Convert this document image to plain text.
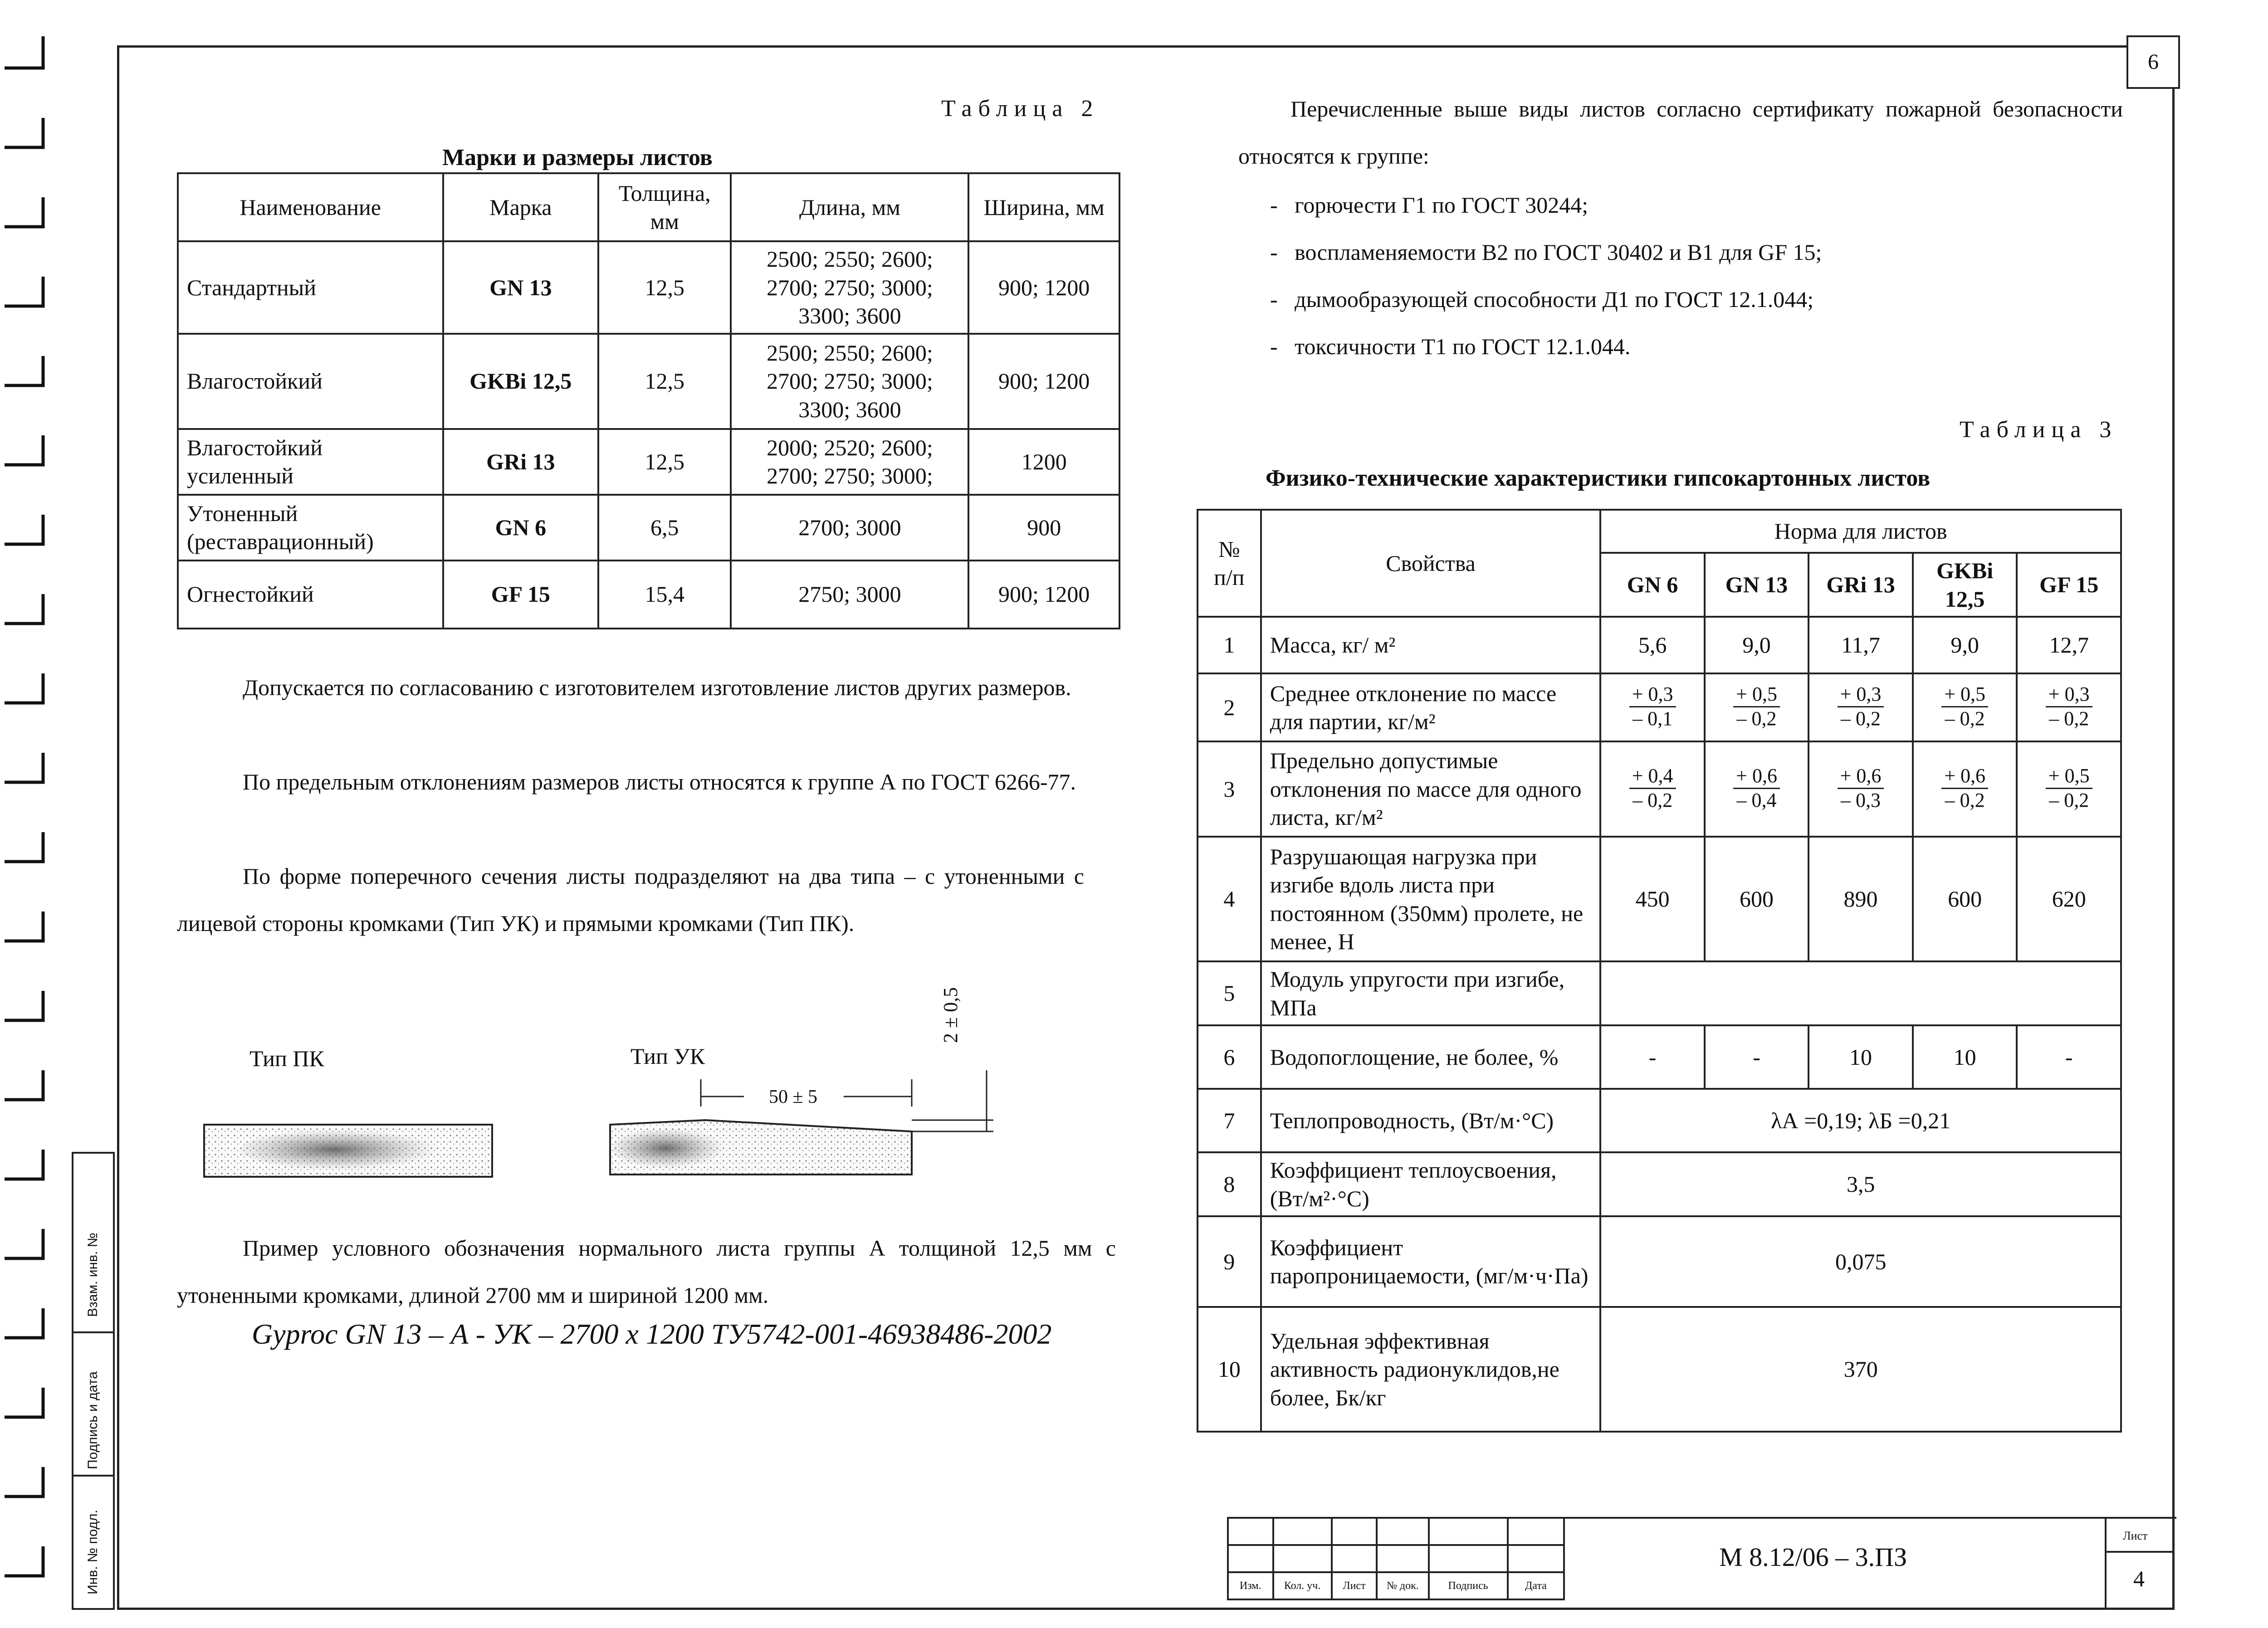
6
Взам. инв. №
Подпись и дата
Инв. № подл.
Таблица 2
Марки и размеры листов
Наименование	Марка	Толщина, мм	Длина, мм	Ширина, мм
Стандартный	GN 13	12,5	2500; 2550; 2600; 2700; 2750; 3000; 3300; 3600	900; 1200
Влагостойкий	GKBi 12,5	12,5	2500; 2550; 2600; 2700; 2750; 3000; 3300; 3600	900; 1200
Влагостойкий усиленный	GRi 13	12,5	2000; 2520; 2600; 2700; 2750; 3000;	1200
Утоненный (реставрационный)	GN 6	6,5	2700; 3000	900
Огнестойкий	GF 15	15,4	2750; 3000	900; 1200

Допускается по согласованию с изготовителем изготовление листов других размеров.

По предельным отклонениям размеров листы относятся к группе А по ГОСТ 6266-77.

По форме поперечного сечения листы подразделяют на два типа – с утоненными с лицевой стороны кромками (Тип УК) и прямыми кромками (Тип ПК).

Тип ПК	Тип УК
2 ± 0,5
50 ± 5

Пример условного обозначения нормального листа группы А толщиной 12,5 мм с утоненными кромками, длиной 2700 мм и шириной 1200 мм.

Gyproc GN 13 – А - УК – 2700 х 1200 ТУ5742-001-46938486-2002

Перечисленные выше виды листов согласно сертификату пожарной безопасности относятся к группе:

- горючести Г1 по ГОСТ 30244;
- воспламеняемости В2 по ГОСТ 30402 и В1 для GF 15;
- дымообразующей способности Д1 по ГОСТ 12.1.044;
- токсичности Т1 по ГОСТ 12.1.044.
Таблица 3
Физико-технические характеристики гипсокартонных листов
№ п/п	Свойства	Норма для листов				
		GN 6	GN 13	GRi 13	GKBi 12,5	GF 15
1	Масса, кг/ м²	5,6	9,0	11,7	9,0	12,7
2	Среднее отклонение по массе для партии, кг/м²	$\frac{+ 0,3}{- 0,1}$	$\frac{+ 0,5}{- 0,2}$	$\frac{+ 0,3}{- 0,2}$	$\frac{+ 0,5}{- 0,2}$	$\frac{+ 0,3}{- 0,2}$

3	Предельно допустимые отклонения по массе для одного листа, кг/м²	$\frac{+ 0,4}{- 0,2}$	$\frac{+ 0,6}{- 0,4}$	$\frac{+ 0,6}{- 0,3}$	$\frac{+ 0,6}{- 0,2}$	$\frac{+ 0,5}{- 0,2}$

4	Разрушающая нагрузка при изгибе вдоль листа при постоянном (350мм) пролете, не менее, Н	450	600	890	600	620
5	Модуль упругости при изгибе, МПа					
6	Водопоглощение, не более, %	-	-	10	10	-
7	Теплопроводность, (Вт/м·°С)	λА =0,19; λБ =0,21				
8	Коэффициент теплоусвоения, (Вт/м²·°С)	3,5				
9	Коэффициент паропроницаемости, (мг/м·ч·Па)	0,075				
10	Удельная эффективная активность радионуклидов,не более, Бк/кг	370				

Изм.	Кол. уч.	Лист	№ док.	Подпись	Дата
М 8.12/06 – 3.ПЗ
Лист
4
